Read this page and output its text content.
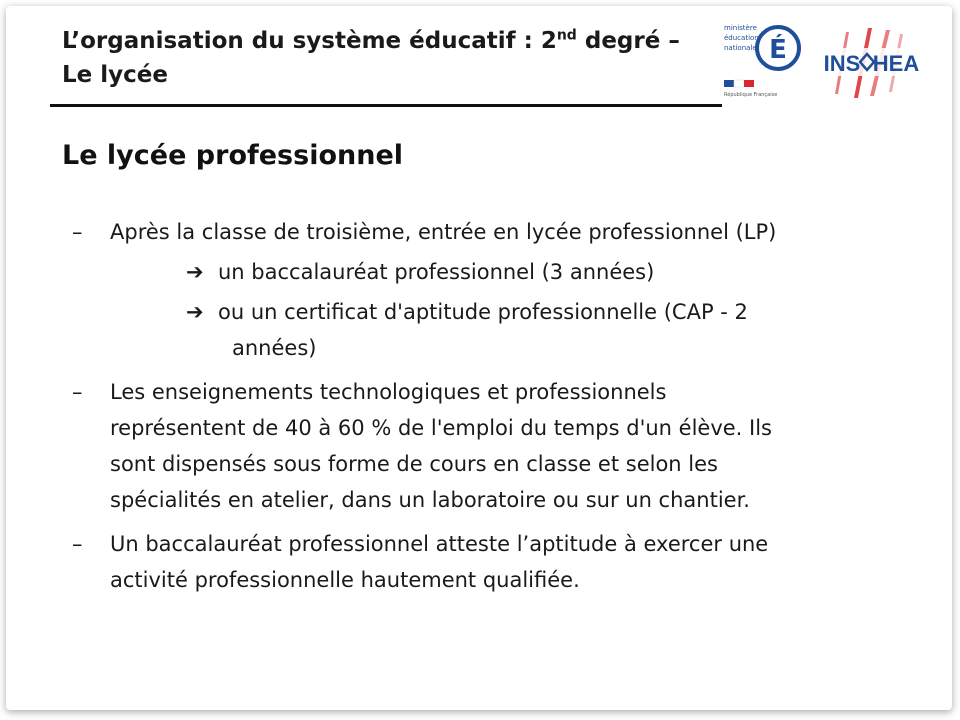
L’organisation du système éducatif : 2nd degré –
Le lycée
ministère
éducation
nationale É
République Française
INS HEA
Le lycée professionnel
– Après la classe de troisième, entrée en lycée professionnel (LP)
➔ un baccalauréat professionnel (3 années)
➔ ou un certificat d'aptitude professionnelle (CAP - 2
années)
– Les enseignements technologiques et professionnels
représentent de 40 à 60 % de l'emploi du temps d'un élève. Ils
sont dispensés sous forme de cours en classe et selon les
spécialités en atelier, dans un laboratoire ou sur un chantier.
– Un baccalauréat professionnel atteste l’aptitude à exercer une
activité professionnelle hautement qualifiée.
